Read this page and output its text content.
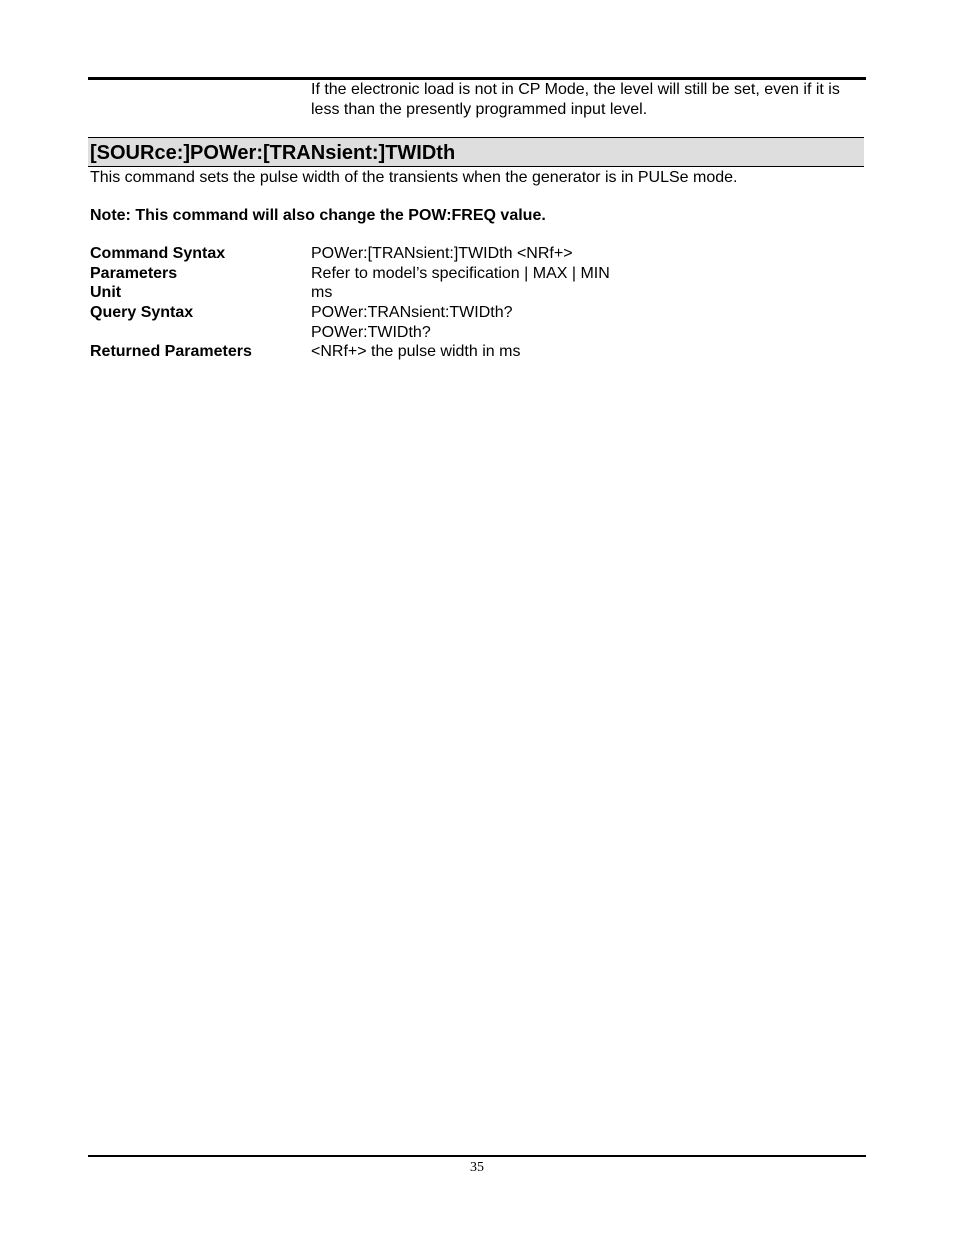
If the electronic load is not in CP Mode, the level will still be set, even if it is less than the presently programmed input level.
[SOURce:]POWer:[TRANsient:]TWIDth
This command sets the pulse width of the transients when the generator is in PULSe mode.
Note: This command will also change the POW:FREQ value.
Command Syntax	POWer:[TRANsient:]TWIDth <NRf+>
Parameters	Refer to model’s specification | MAX | MIN
Unit	ms
Query Syntax	POWer:TRANsient:TWIDth?
POWer:TWIDth?
Returned Parameters	<NRf+> the pulse width in ms
35
